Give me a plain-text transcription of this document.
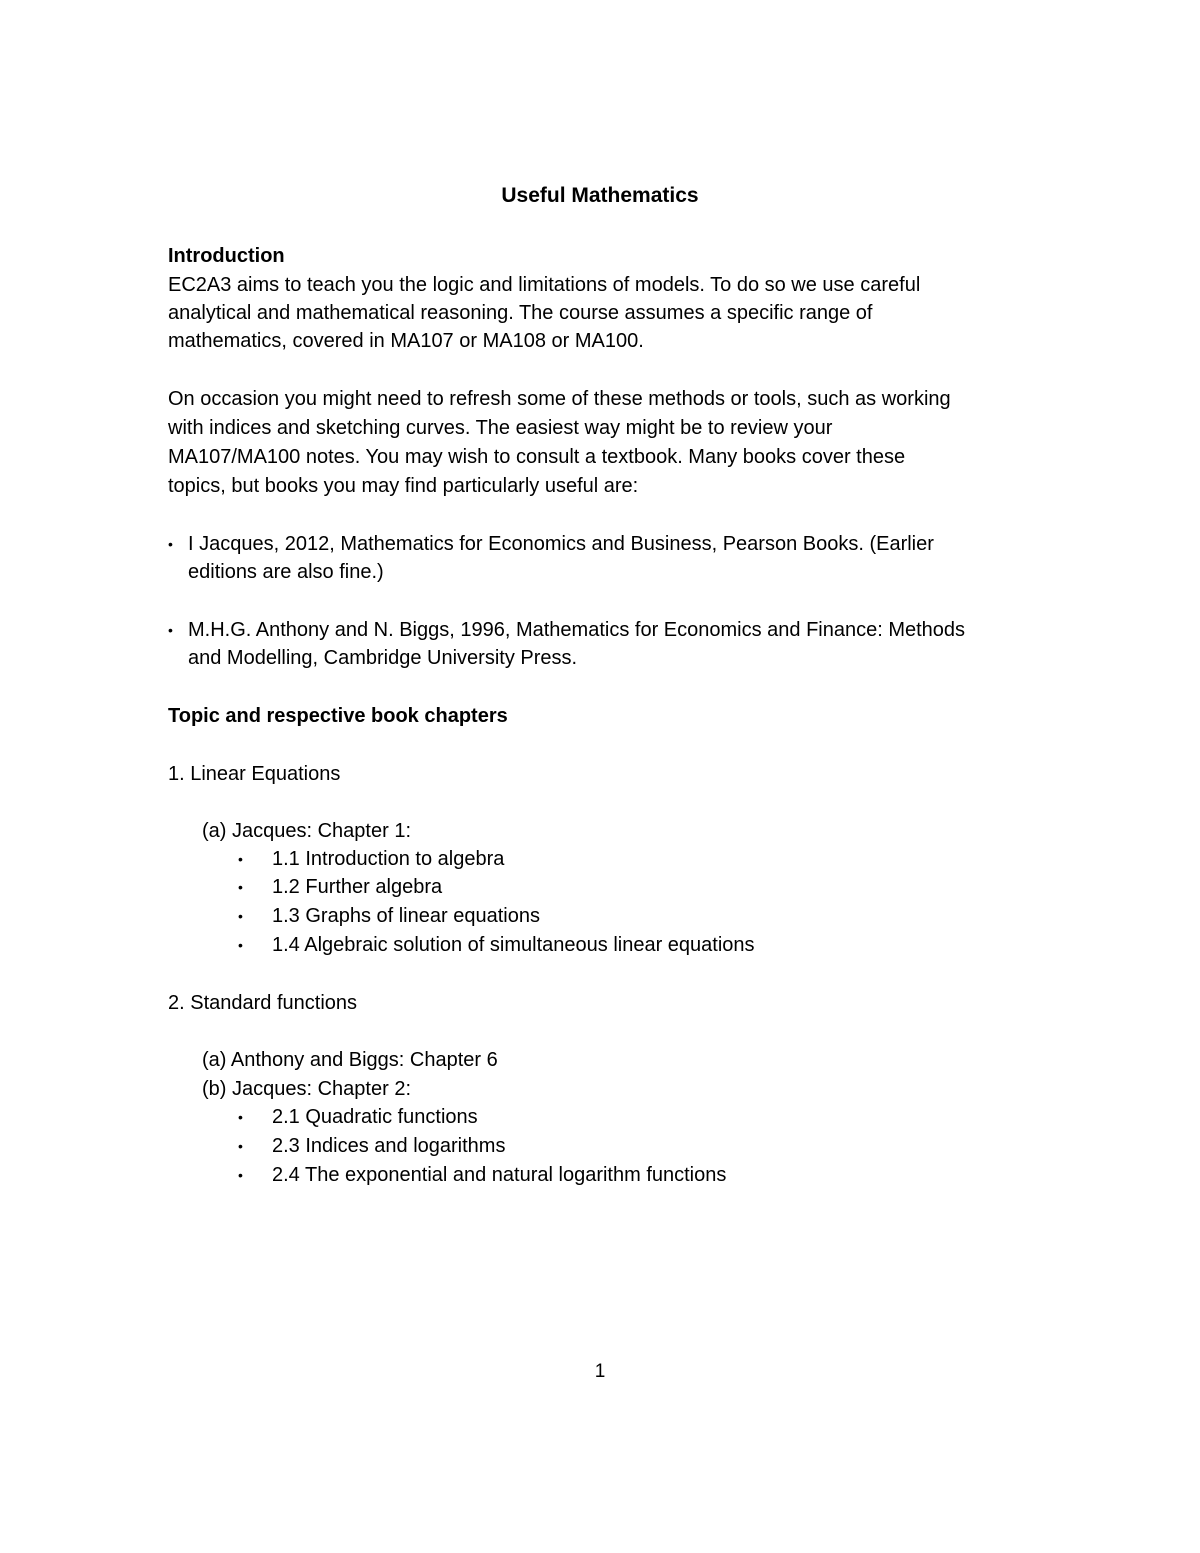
Useful Mathematics
Introduction
EC2A3 aims to teach you the logic and limitations of models. To do so we use careful
analytical and mathematical reasoning. The course assumes a specific range of
mathematics, covered in MA107 or MA108 or MA100.
On occasion you might need to refresh some of these methods or tools, such as working
with indices and sketching curves. The easiest way might be to review your
MA107/MA100 notes. You may wish to consult a textbook. Many books cover these
topics, but books you may find particularly useful are:
• I Jacques, 2012, Mathematics for Economics and Business, Pearson Books. (Earlier
editions are also fine.)
• M.H.G. Anthony and N. Biggs, 1996, Mathematics for Economics and Finance: Methods
and Modelling, Cambridge University Press.
Topic and respective book chapters
1. Linear Equations
(a) Jacques: Chapter 1:
• 1.1 Introduction to algebra
• 1.2 Further algebra
• 1.3 Graphs of linear equations
• 1.4 Algebraic solution of simultaneous linear equations
2. Standard functions
(a) Anthony and Biggs: Chapter 6
(b) Jacques: Chapter 2:
• 2.1 Quadratic functions
• 2.3 Indices and logarithms
• 2.4 The exponential and natural logarithm functions
1
